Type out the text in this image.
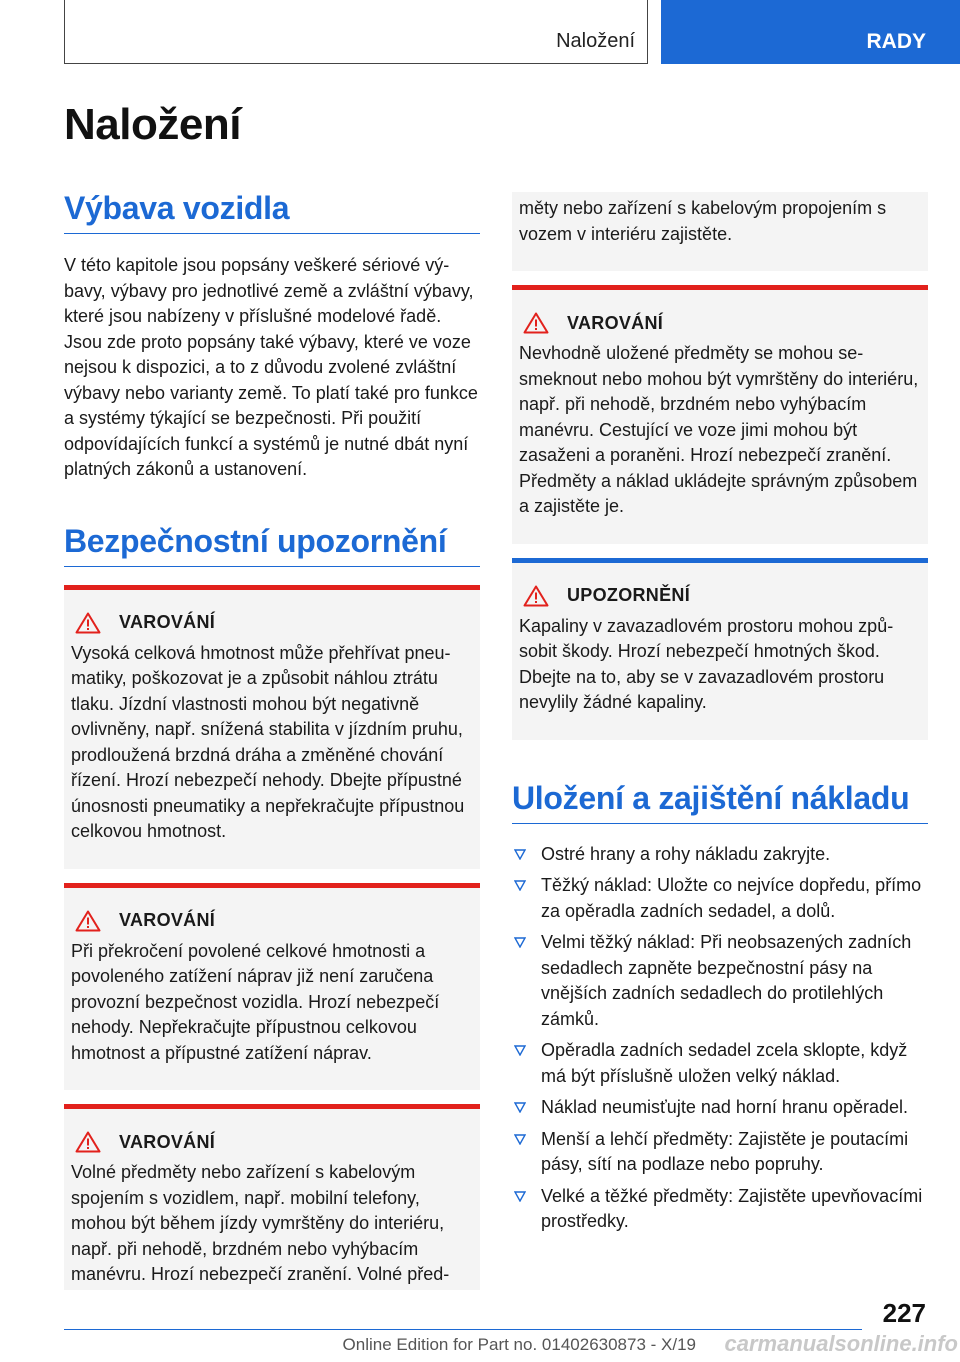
Naložení	RADY
Naložení
Výbava vozidla

V této kapitole jsou popsány veškeré sériové výbavy, výbavy pro jednotlivé země a zvláštní výbavy, které jsou nabízeny v příslušné modelové řadě. Jsou zde proto popsány také výbavy, které ve voze nejsou k dispozici, a to z důvodu zvolené zvláštní výbavy nebo varianty země. To platí také pro funkce a systémy týkající se bezpečnosti. Při použití odpovídajících funkcí a systémů je nutné dbát nyní platných zákonů a ustanovení.

Bezpečnostní upozornění
VAROVÁNÍ

Vysoká celková hmotnost může přehřívat pneumatiky, poškozovat je a způsobit náhlou ztrátu tlaku. Jízdní vlastnosti mohou být negativně ovlivněny, např. snížená stabilita v jízdním pruhu, prodloužená brzdná dráha a změněné chování řízení. Hrozí nebezpečí nehody. Dbejte přípustné únosnosti pneumatiky a nepřekračujte přípustnou celkovou hmotnost.

VAROVÁNÍ

Při překročení povolené celkové hmotnosti a povoleného zatížení náprav již není zaručena provozní bezpečnost vozidla. Hrozí nebezpečí nehody. Nepřekračujte přípustnou celkovou hmotnost a přípustné zatížení náprav.

VAROVÁNÍ

Volné předměty nebo zařízení s kabelovým spojením s vozidlem, např. mobilní telefony, mohou být během jízdy vymrštěny do interiéru, např. při nehodě, brzdném nebo vyhýbacím manévru. Hrozí nebezpečí zranění. Volné před-

měty nebo zařízení s kabelovým propojením s vozem v interiéru zajistěte.

VAROVÁNÍ

Nevhodně uložené předměty se mohou sesmeknout nebo mohou být vymrštěny do interiéru, např. při nehodě, brzdném nebo vyhýbacím manévru. Cestující ve voze jimi mohou být zasaženi a poraněni. Hrozí nebezpečí zranění. Předměty a náklad ukládejte správným způsobem a zajistěte je.

UPOZORNĚNÍ

Kapaliny v zavazadlovém prostoru mohou způsobit škody. Hrozí nebezpečí hmotných škod. Dbejte na to, aby se v zavazadlovém prostoru nevylily žádné kapaliny.

Uložení a zajištění nákladu
Ostré hrany a rohy nákladu zakryjte.
Těžký náklad: Uložte co nejvíce dopředu, přímo za opěradla zadních sedadel, a dolů.
Velmi těžký náklad: Při neobsazených zadních sedadlech zapněte bezpečnostní pásy na vnějších zadních sedadlech do protilehlých zámků.
Opěradla zadních sedadel zcela sklopte, když má být příslušně uložen velký náklad.
Náklad neumisťujte nad horní hranu opěradel.
Menší a lehčí předměty: Zajistěte je poutacími pásy, sítí na podlaze nebo popruhy.
Velké a těžké předměty: Zajistěte upevňovacími prostředky.
227
Online Edition for Part no. 01402630873 - X/19 carmanualsonline.info
